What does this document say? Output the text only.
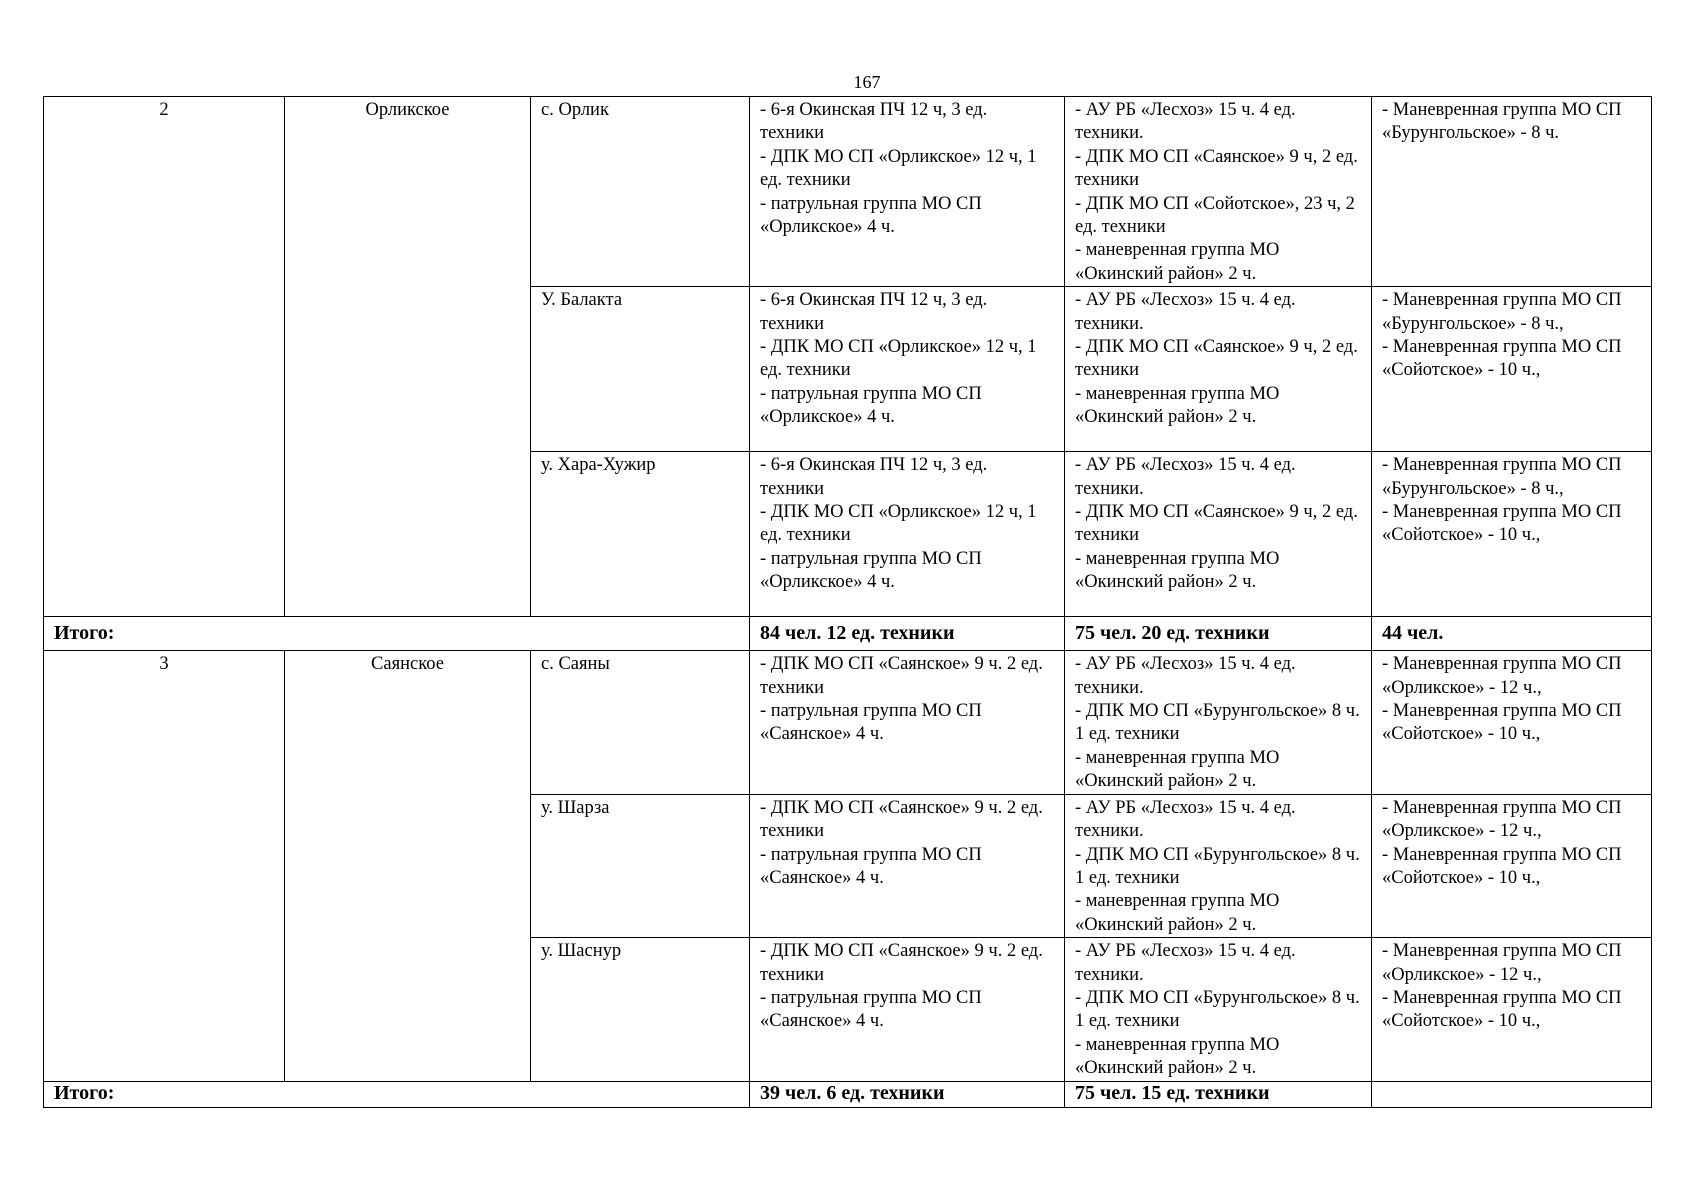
167
2	Орликское	с. Орлик	- 6-я Окинская ПЧ 12 ч, 3 ед. техники
- ДПК МО СП «Орликское» 12 ч, 1 ед. техники
- патрульная группа МО СП «Орликское» 4 ч.	- АУ РБ «Лесхоз» 15 ч. 4 ед. техники.
- ДПК МО СП «Саянское» 9 ч, 2 ед. техники
- ДПК МО СП «Сойотское», 23 ч, 2 ед. техники
- маневренная группа МО «Окинский район» 2 ч.	- Маневренная группа МО СП «Бурунгольское» - 8 ч.

		У. Балакта	- 6-я Окинская ПЧ 12 ч, 3 ед. техники
- ДПК МО СП «Орликское» 12 ч, 1 ед. техники
- патрульная группа МО СП «Орликское» 4 ч.	- АУ РБ «Лесхоз» 15 ч. 4 ед. техники.
- ДПК МО СП «Саянское» 9 ч, 2 ед. техники
- маневренная группа МО «Окинский район» 2 ч.	- Маневренная группа МО СП «Бурунгольское» - 8 ч.,
- Маневренная группа МО СП «Сойотское» - 10 ч.,

		у. Хара-Хужир	- 6-я Окинская ПЧ 12 ч, 3 ед. техники
- ДПК МО СП «Орликское» 12 ч, 1 ед. техники
- патрульная группа МО СП «Орликское» 4 ч.	- АУ РБ «Лесхоз» 15 ч. 4 ед. техники.
- ДПК МО СП «Саянское» 9 ч, 2 ед. техники
- маневренная группа МО «Окинский район» 2 ч.	- Маневренная группа МО СП «Бурунгольское» - 8 ч.,
- Маневренная группа МО СП «Сойотское» - 10 ч.,

Итого:			84 чел. 12 ед. техники	75 чел. 20 ед. техники	44 чел.
3	Саянское	с. Саяны	- ДПК МО СП «Саянское» 9 ч. 2 ед. техники
- патрульная группа МО СП «Саянское» 4 ч.	- АУ РБ «Лесхоз» 15 ч. 4 ед. техники.
- ДПК МО СП «Бурунгольское» 8 ч. 1 ед. техники
- маневренная группа МО «Окинский район» 2 ч.	- Маневренная группа МО СП «Орликское» - 12 ч.,
- Маневренная группа МО СП «Сойотское» - 10 ч.,

		у. Шарза	- ДПК МО СП «Саянское» 9 ч. 2 ед. техники
- патрульная группа МО СП «Саянское» 4 ч.	- АУ РБ «Лесхоз» 15 ч. 4 ед. техники.
- ДПК МО СП «Бурунгольское» 8 ч. 1 ед. техники
- маневренная группа МО «Окинский район» 2 ч.	- Маневренная группа МО СП «Орликское» - 12 ч.,
- Маневренная группа МО СП «Сойотское» - 10 ч.,

		у. Шаснур	- ДПК МО СП «Саянское» 9 ч. 2 ед. техники
- патрульная группа МО СП «Саянское» 4 ч.	- АУ РБ «Лесхоз» 15 ч. 4 ед. техники.
- ДПК МО СП «Бурунгольское» 8 ч. 1 ед. техники
- маневренная группа МО «Окинский район» 2 ч.	- Маневренная группа МО СП «Орликское» - 12 ч.,
- Маневренная группа МО СП «Сойотское» - 10 ч.,

Итого:			39 чел. 6 ед. техники	75 чел. 15 ед. техники	
